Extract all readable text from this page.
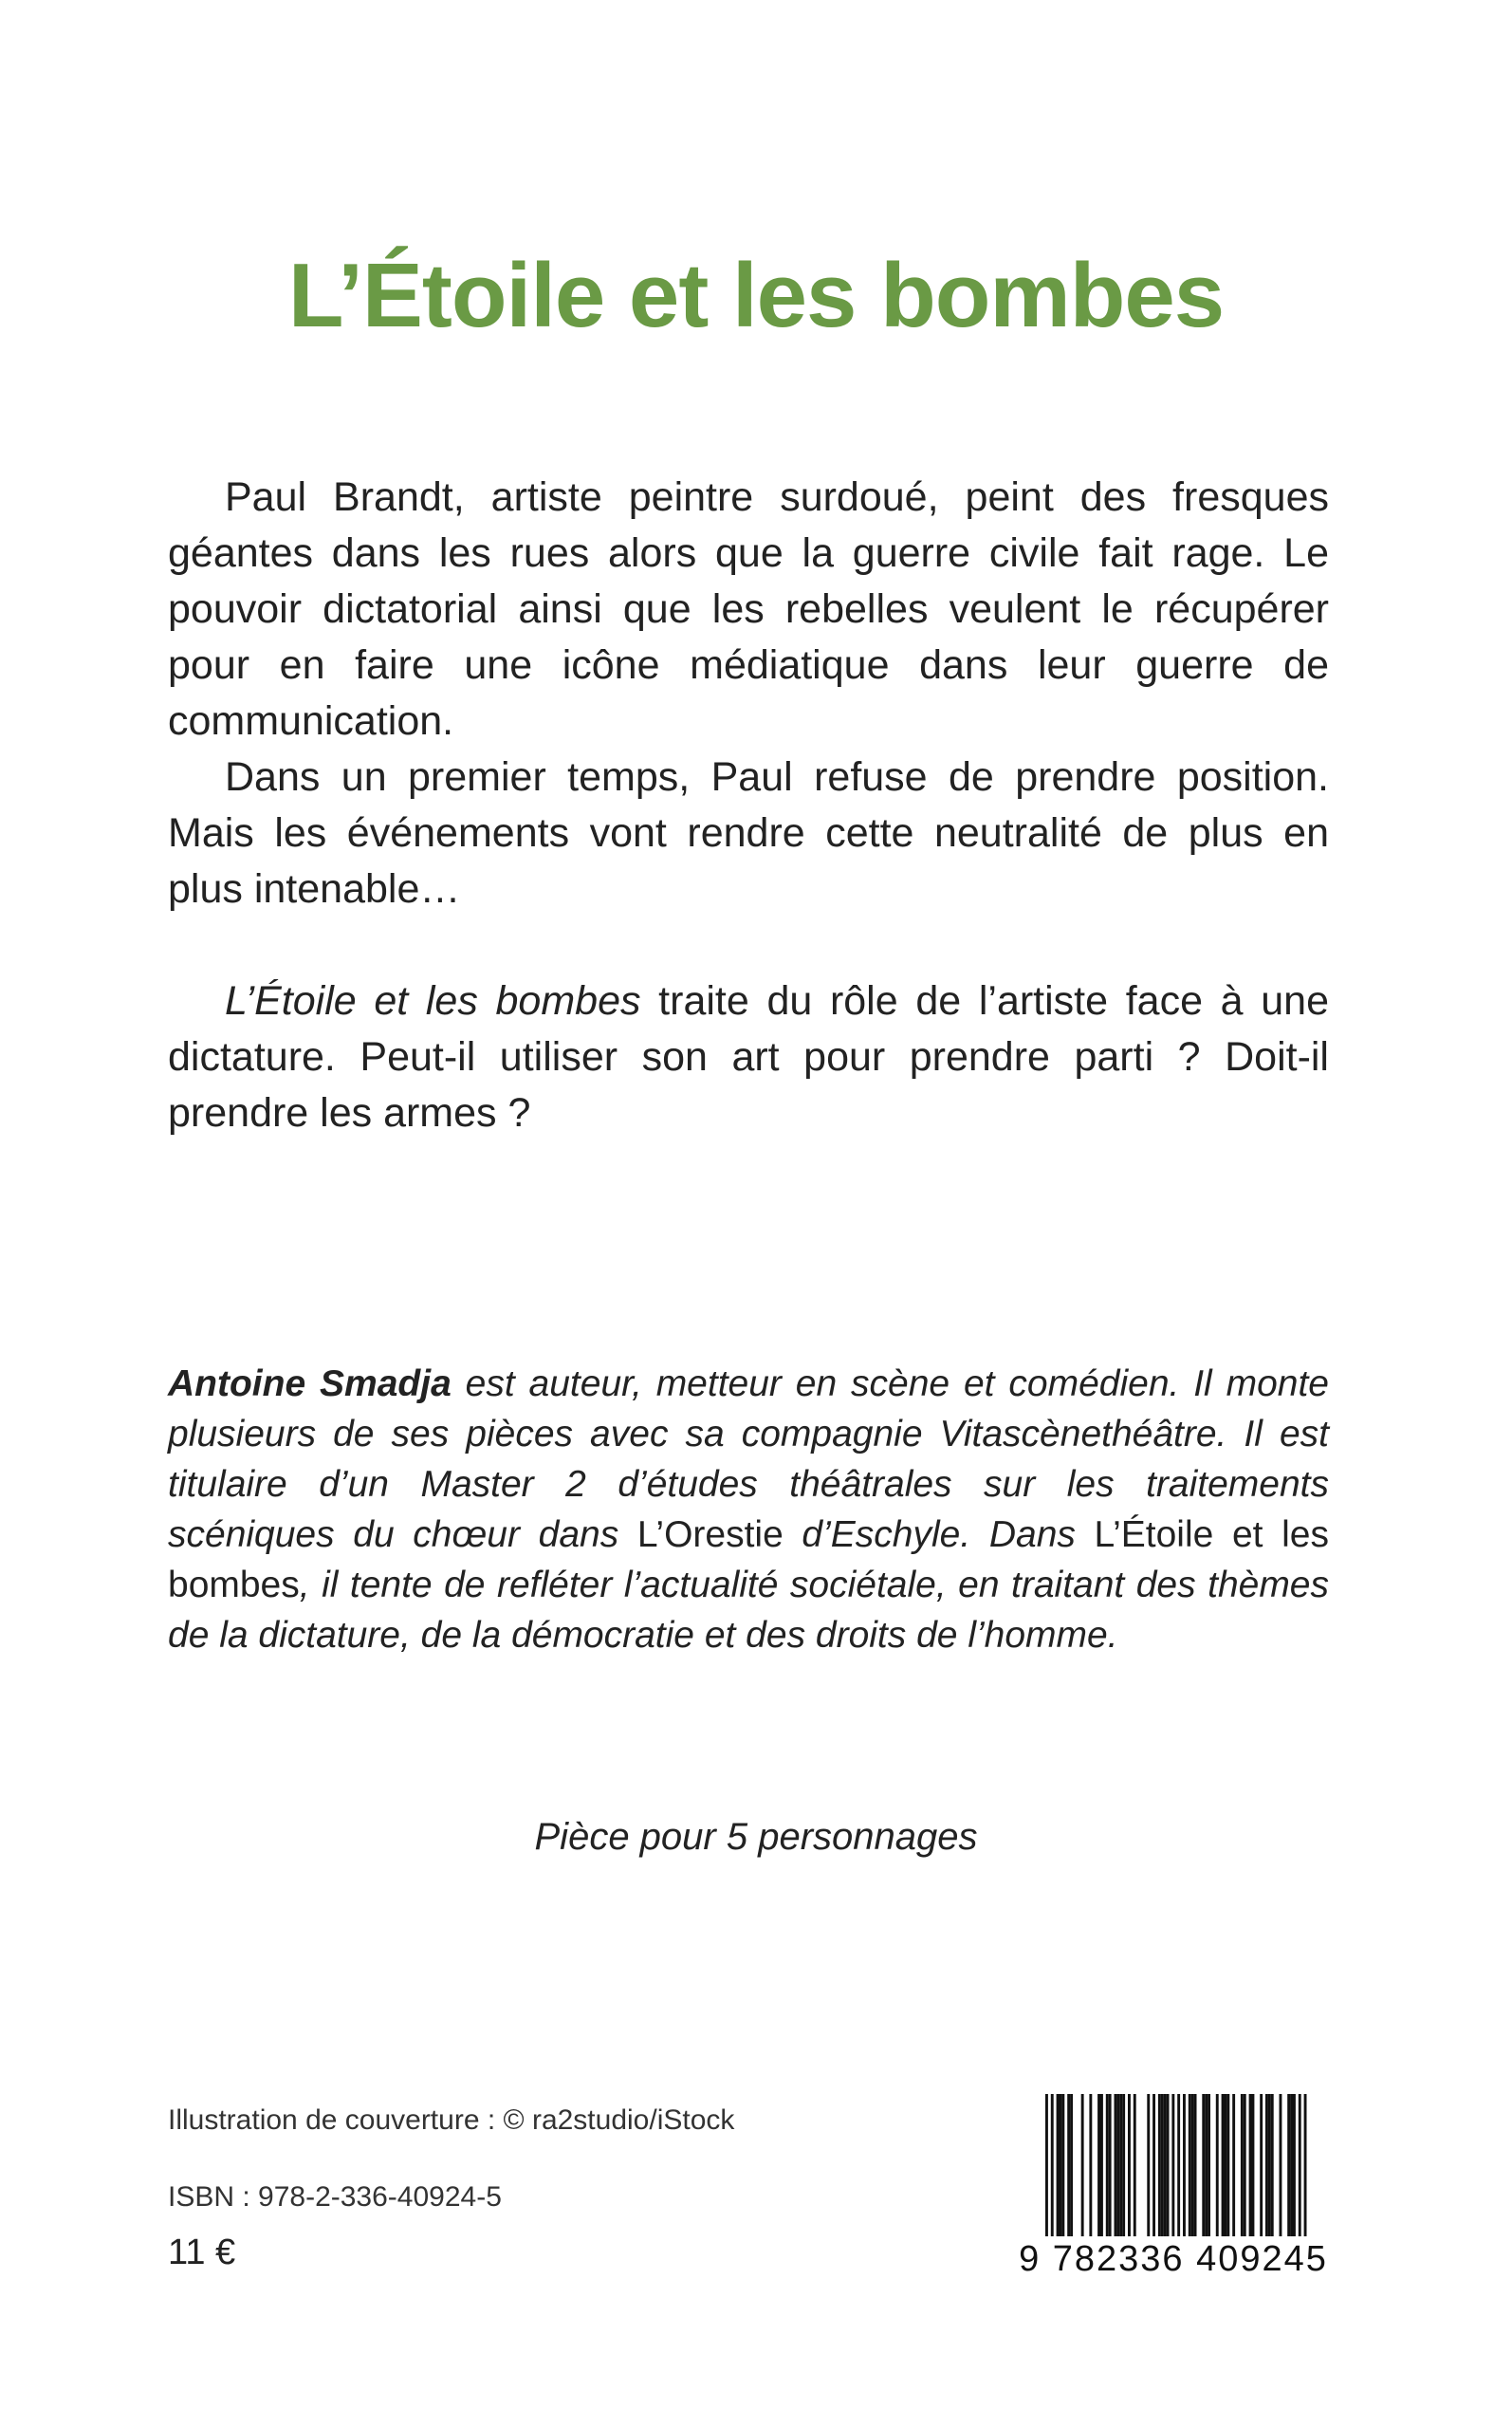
L’Étoile et les bombes

Paul Brandt, artiste peintre surdoué, peint des fresques géantes dans les rues alors que la guerre civile fait rage. Le pouvoir dictatorial ainsi que les rebelles veulent le récupérer pour en faire une icône médiatique dans leur guerre de communication.

Dans un premier temps, Paul refuse de prendre position. Mais les événements vont rendre cette neutralité de plus en plus intenable…

L’Étoile et les bombes traite du rôle de l’artiste face à une dictature. Peut-il utiliser son art pour prendre parti ? Doit-il prendre les armes ?

Antoine Smadja est auteur, metteur en scène et comédien. Il monte plusieurs de ses pièces avec sa compagnie Vitascènethéâtre. Il est titulaire d’un Master 2 d’études théâtrales sur les traitements scéniques du chœur dans L’Orestie d’Eschyle. Dans L’Étoile et les bombes, il tente de refléter l’actualité sociétale, en traitant des thèmes de la dictature, de la démocratie et des droits de l’homme.

Pièce pour 5 personnages
Illustration de couverture : © ra2studio/iStock
ISBN : 978-2-336-40924-5
11 €	9 782336 409245
